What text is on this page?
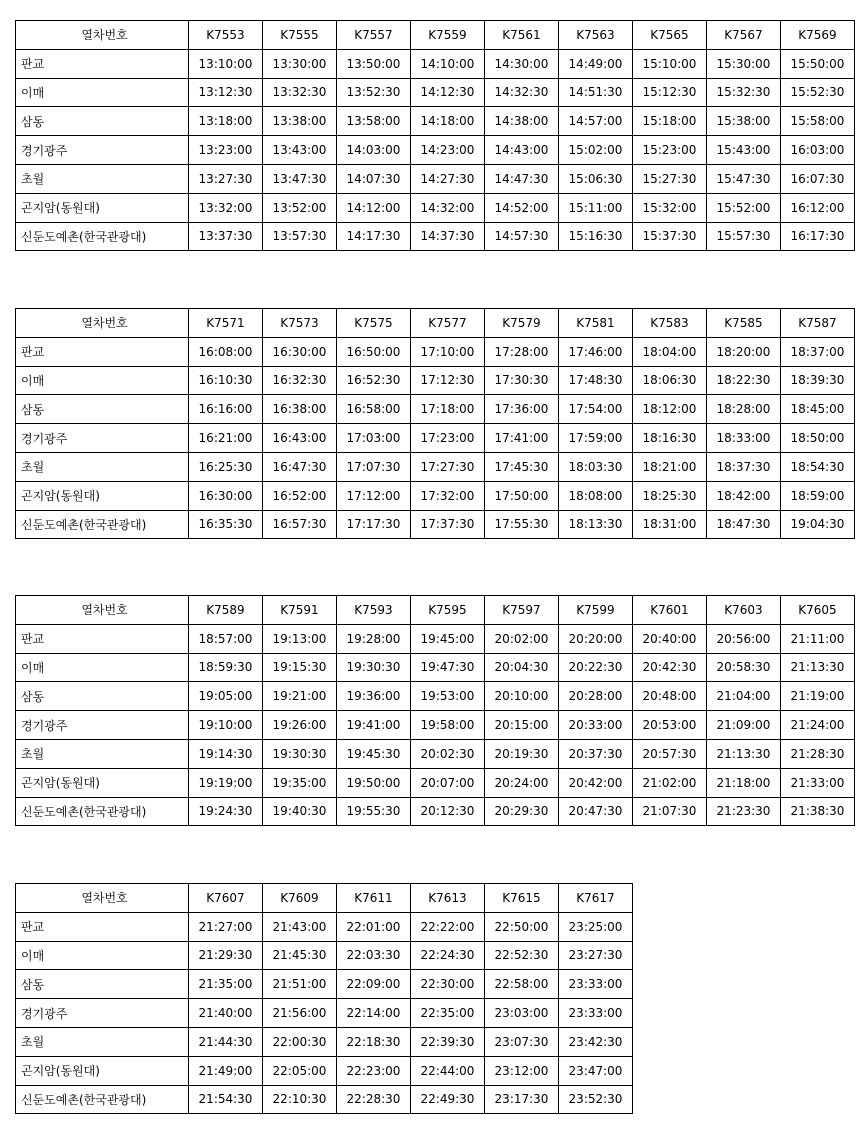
열차번호	K7553	K7555	K7557	K7559	K7561	K7563	K7565	K7567	K7569
판교	13:10:00	13:30:00	13:50:00	14:10:00	14:30:00	14:49:00	15:10:00	15:30:00	15:50:00
이매	13:12:30	13:32:30	13:52:30	14:12:30	14:32:30	14:51:30	15:12:30	15:32:30	15:52:30
삼동	13:18:00	13:38:00	13:58:00	14:18:00	14:38:00	14:57:00	15:18:00	15:38:00	15:58:00
경기광주	13:23:00	13:43:00	14:03:00	14:23:00	14:43:00	15:02:00	15:23:00	15:43:00	16:03:00
초월	13:27:30	13:47:30	14:07:30	14:27:30	14:47:30	15:06:30	15:27:30	15:47:30	16:07:30
곤지암(동원대)	13:32:00	13:52:00	14:12:00	14:32:00	14:52:00	15:11:00	15:32:00	15:52:00	16:12:00
신둔도예촌(한국관광대)	13:37:30	13:57:30	14:17:30	14:37:30	14:57:30	15:16:30	15:37:30	15:57:30	16:17:30
열차번호	K7571	K7573	K7575	K7577	K7579	K7581	K7583	K7585	K7587
판교	16:08:00	16:30:00	16:50:00	17:10:00	17:28:00	17:46:00	18:04:00	18:20:00	18:37:00
이매	16:10:30	16:32:30	16:52:30	17:12:30	17:30:30	17:48:30	18:06:30	18:22:30	18:39:30
삼동	16:16:00	16:38:00	16:58:00	17:18:00	17:36:00	17:54:00	18:12:00	18:28:00	18:45:00
경기광주	16:21:00	16:43:00	17:03:00	17:23:00	17:41:00	17:59:00	18:16:30	18:33:00	18:50:00
초월	16:25:30	16:47:30	17:07:30	17:27:30	17:45:30	18:03:30	18:21:00	18:37:30	18:54:30
곤지암(동원대)	16:30:00	16:52:00	17:12:00	17:32:00	17:50:00	18:08:00	18:25:30	18:42:00	18:59:00
신둔도예촌(한국관광대)	16:35:30	16:57:30	17:17:30	17:37:30	17:55:30	18:13:30	18:31:00	18:47:30	19:04:30
열차번호	K7589	K7591	K7593	K7595	K7597	K7599	K7601	K7603	K7605
판교	18:57:00	19:13:00	19:28:00	19:45:00	20:02:00	20:20:00	20:40:00	20:56:00	21:11:00
이매	18:59:30	19:15:30	19:30:30	19:47:30	20:04:30	20:22:30	20:42:30	20:58:30	21:13:30
삼동	19:05:00	19:21:00	19:36:00	19:53:00	20:10:00	20:28:00	20:48:00	21:04:00	21:19:00
경기광주	19:10:00	19:26:00	19:41:00	19:58:00	20:15:00	20:33:00	20:53:00	21:09:00	21:24:00
초월	19:14:30	19:30:30	19:45:30	20:02:30	20:19:30	20:37:30	20:57:30	21:13:30	21:28:30
곤지암(동원대)	19:19:00	19:35:00	19:50:00	20:07:00	20:24:00	20:42:00	21:02:00	21:18:00	21:33:00
신둔도예촌(한국관광대)	19:24:30	19:40:30	19:55:30	20:12:30	20:29:30	20:47:30	21:07:30	21:23:30	21:38:30
열차번호	K7607	K7609	K7611	K7613	K7615	K7617
판교	21:27:00	21:43:00	22:01:00	22:22:00	22:50:00	23:25:00
이매	21:29:30	21:45:30	22:03:30	22:24:30	22:52:30	23:27:30
삼동	21:35:00	21:51:00	22:09:00	22:30:00	22:58:00	23:33:00
경기광주	21:40:00	21:56:00	22:14:00	22:35:00	23:03:00	23:33:00
초월	21:44:30	22:00:30	22:18:30	22:39:30	23:07:30	23:42:30
곤지암(동원대)	21:49:00	22:05:00	22:23:00	22:44:00	23:12:00	23:47:00
신둔도예촌(한국관광대)	21:54:30	22:10:30	22:28:30	22:49:30	23:17:30	23:52:30
